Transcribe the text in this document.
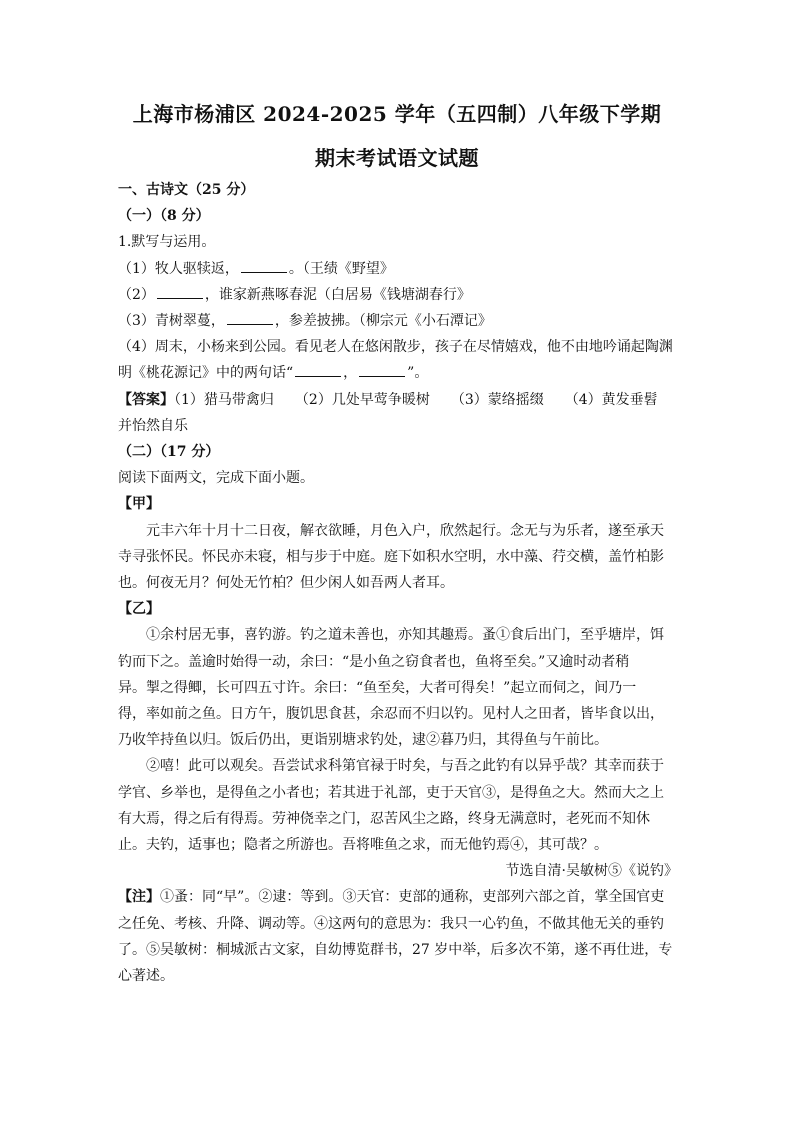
上海市杨浦区 2024-2025 学年（五四制）八年级下学期
期末考试语文试题

一、古诗文（25 分）

（一）（8 分）

1.默写与运用。

（1）牧人驱犊返，	。（王绩《野望》

（2）	，谁家新燕啄春泥（白居易《钱塘湖春行》

（3）青树翠蔓，	，参差披拂。（柳宗元《小石潭记》

（4）周末，小杨来到公园。看见老人在悠闲散步，孩子在尽情嬉戏，他不由地吟诵起陶渊

明《桃花源记》中的两句话“	，	”。

【答案】（1）猎马带禽归　　（2）几处早莺争暖树　　（3）蒙络摇缀　　（4）黄发垂髫

并怡然自乐

（二）（17 分）

阅读下面两文，完成下面小题。

【甲】

元丰六年十月十二日夜，解衣欲睡，月色入户，欣然起行。念无与为乐者，遂至承天

寺寻张怀民。怀民亦未寝，相与步于中庭。庭下如积水空明，水中藻、荇交横，盖竹柏影

也。何夜无月？何处无竹柏？但少闲人如吾两人者耳。

【乙】

①余村居无事，喜钓游。钓之道未善也，亦知其趣焉。蚤①食后出门，至乎塘岸，饵

钓而下之。盖逾时始得一动，余曰：“是小鱼之窃食者也，鱼将至矣。”又逾时动者稍

异。掣之得鲫，长可四五寸许。余曰：“鱼至矣，大者可得矣！”起立而伺之，间乃一

得，率如前之鱼。日方午，腹饥思食甚，余忍而不归以钓。见村人之田者，皆毕食以出，

乃收竿持鱼以归。饭后仍出，更诣别塘求钓处，逮②暮乃归，其得鱼与午前比。

②嘻！此可以观矣。吾尝试求科第官禄于时矣，与吾之此钓有以异乎哉？其幸而获于

学官、乡举也，是得鱼之小者也；若其进于礼部，吏于天官③，是得鱼之大。然而大之上

有大焉，得之后有得焉。劳神侥幸之门，忍苦风尘之路，终身无满意时，老死而不知休

止。夫钓，适事也；隐者之所游也。吾将唯鱼之求，而无他钓焉④，其可哉？。

节选自清·吴敏树⑤《说钓》

【注】①蚤：同“早”。②逮：等到。③天官：吏部的通称，吏部列六部之首，掌全国官吏

之任免、考核、升降、调动等。④这两句的意思为：我只一心钓鱼，不做其他无关的垂钓

了。⑤吴敏树：桐城派古文家，自幼博览群书，27 岁中举，后多次不第，遂不再仕进，专

心著述。
